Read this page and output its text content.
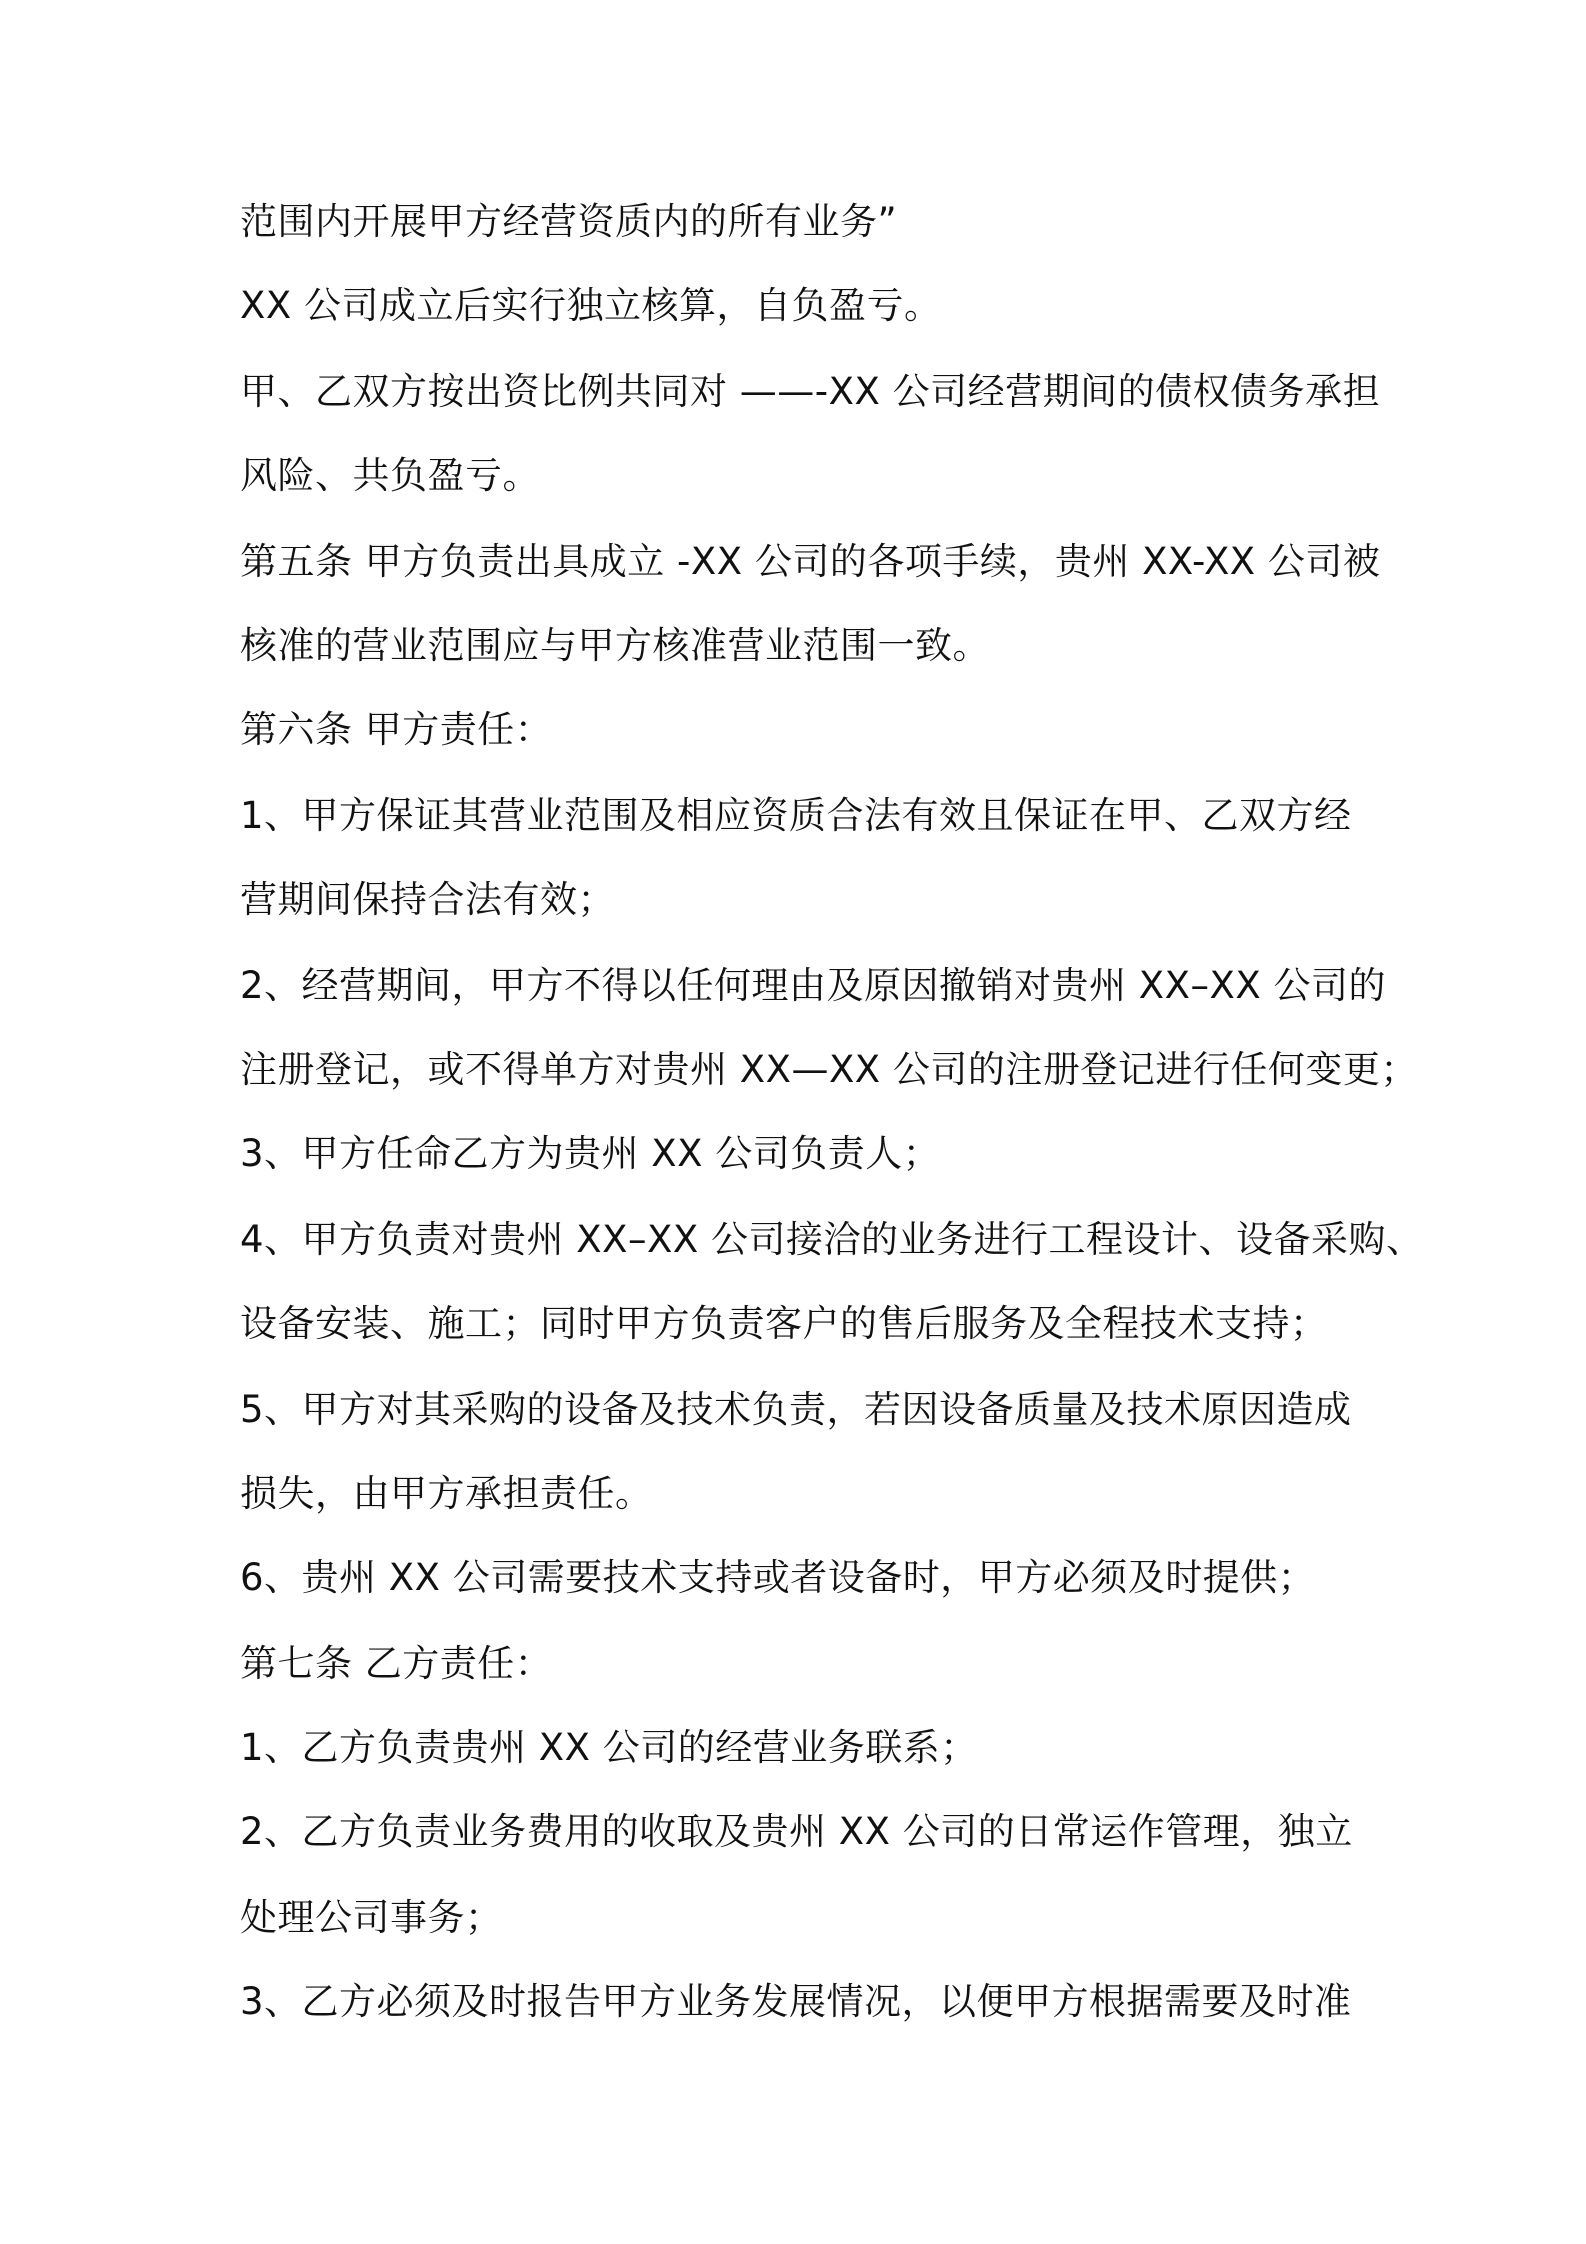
范围内开展甲方经营资质内的所有业务”
XX 公司成立后实行独立核算，自负盈亏。
甲、乙双方按出资比例共同对 ——-XX 公司经营期间的债权债务承担
风险、共负盈亏。
第五条 甲方负责出具成立 -XX 公司的各项手续，贵州 XX-XX 公司被
核准的营业范围应与甲方核准营业范围一致。
第六条 甲方责任：
1、甲方保证其营业范围及相应资质合法有效且保证在甲、乙双方经
营期间保持合法有效；
2、经营期间，甲方不得以任何理由及原因撤销对贵州 XX–XX 公司的
注册登记，或不得单方对贵州 XX—XX 公司的注册登记进行任何变更；
3、甲方任命乙方为贵州 XX 公司负责人；
4、甲方负责对贵州 XX–XX 公司接洽的业务进行工程设计、设备采购、
设备安装、施工；同时甲方负责客户的售后服务及全程技术支持；
5、甲方对其采购的设备及技术负责，若因设备质量及技术原因造成
损失，由甲方承担责任。
6、贵州 XX 公司需要技术支持或者设备时，甲方必须及时提供；
第七条 乙方责任：
1、乙方负责贵州 XX 公司的经营业务联系；
2、乙方负责业务费用的收取及贵州 XX 公司的日常运作管理，独立
处理公司事务；
3、乙方必须及时报告甲方业务发展情况，以便甲方根据需要及时准
